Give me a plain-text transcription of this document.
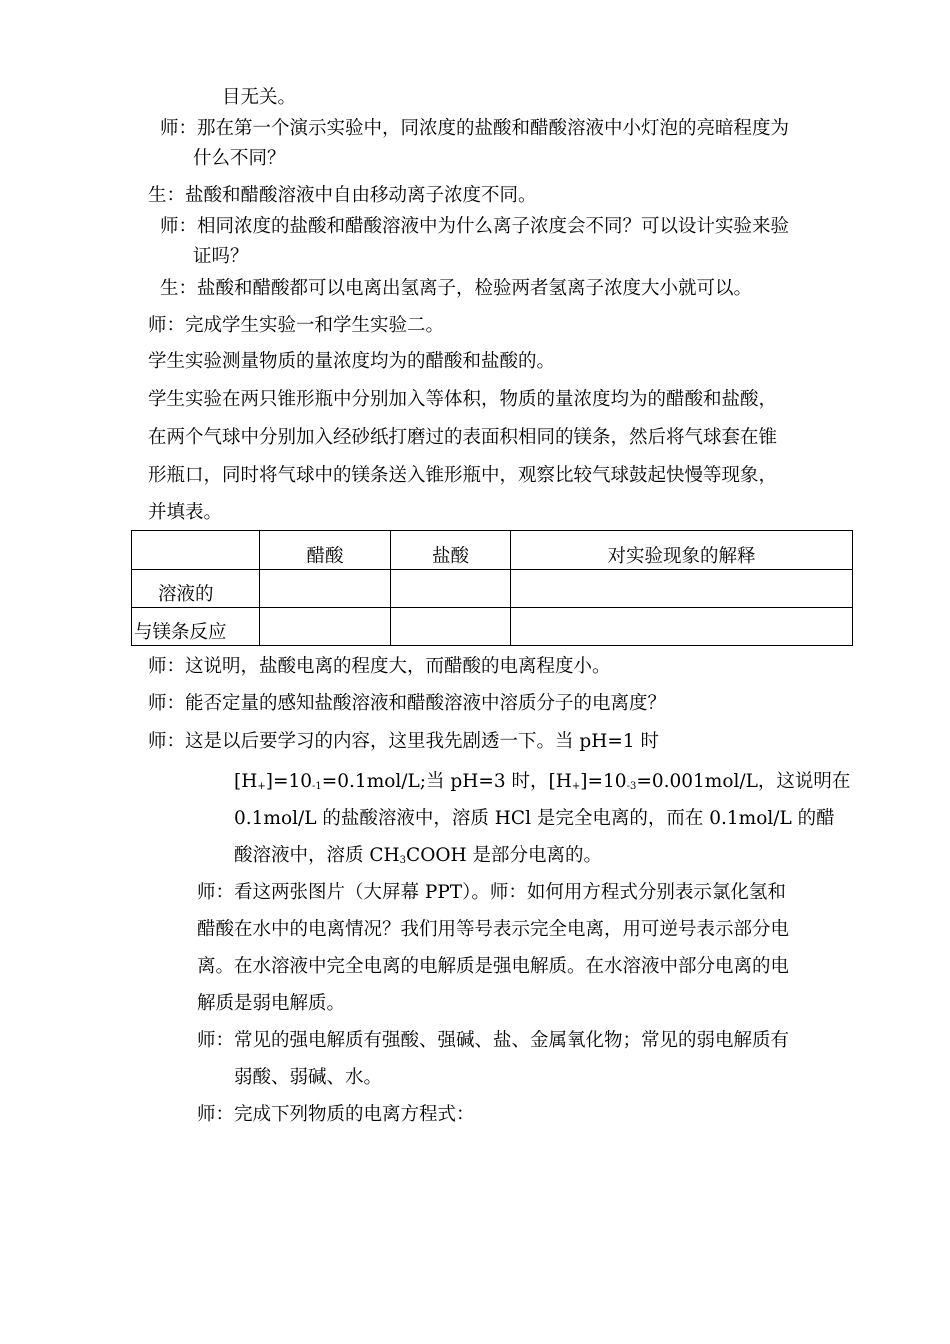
目无关。
师：那在第一个演示实验中，同浓度的盐酸和醋酸溶液中小灯泡的亮暗程度为
什么不同？
生：盐酸和醋酸溶液中自由移动离子浓度不同。
师：相同浓度的盐酸和醋酸溶液中为什么离子浓度会不同？可以设计实验来验
证吗？
生：盐酸和醋酸都可以电离出氢离子，检验两者氢离子浓度大小就可以。
师：完成学生实验一和学生实验二。
学生实验测量物质的量浓度均为的醋酸和盐酸的。
学生实验在两只锥形瓶中分别加入等体积，物质的量浓度均为的醋酸和盐酸，
在两个气球中分别加入经砂纸打磨过的表面积相同的镁条，然后将气球套在锥
形瓶口，同时将气球中的镁条送入锥形瓶中，观察比较气球鼓起快慢等现象，
并填表。
	醋酸	盐酸	对实验现象的解释
溶液的			
与镁条反应			
师：这说明，盐酸电离的程度大，而醋酸的电离程度小。
师：能否定量的感知盐酸溶液和醋酸溶液中溶质分子的电离度？
师：这是以后要学习的内容，这里我先剧透一下。当 pH=1 时
$[H_+]=10_{-1}=0.1mol/L$;当 pH=3 时，$[H_+]=10_{-3}=0.001mol/L$，这说明在
0.1mol/L 的盐酸溶液中，溶质 HCl 是完全电离的，而在 0.1mol/L 的醋
酸溶液中，溶质 $CH_3COOH$ 是部分电离的。
师：看这两张图片（大屏幕 PPT）。师：如何用方程式分别表示氯化氢和
醋酸在水中的电离情况？我们用等号表示完全电离，用可逆号表示部分电
离。在水溶液中完全电离的电解质是强电解质。在水溶液中部分电离的电
解质是弱电解质。
师：常见的强电解质有强酸、强碱、盐、金属氧化物；常见的弱电解质有
弱酸、弱碱、水。
师：完成下列物质的电离方程式：
